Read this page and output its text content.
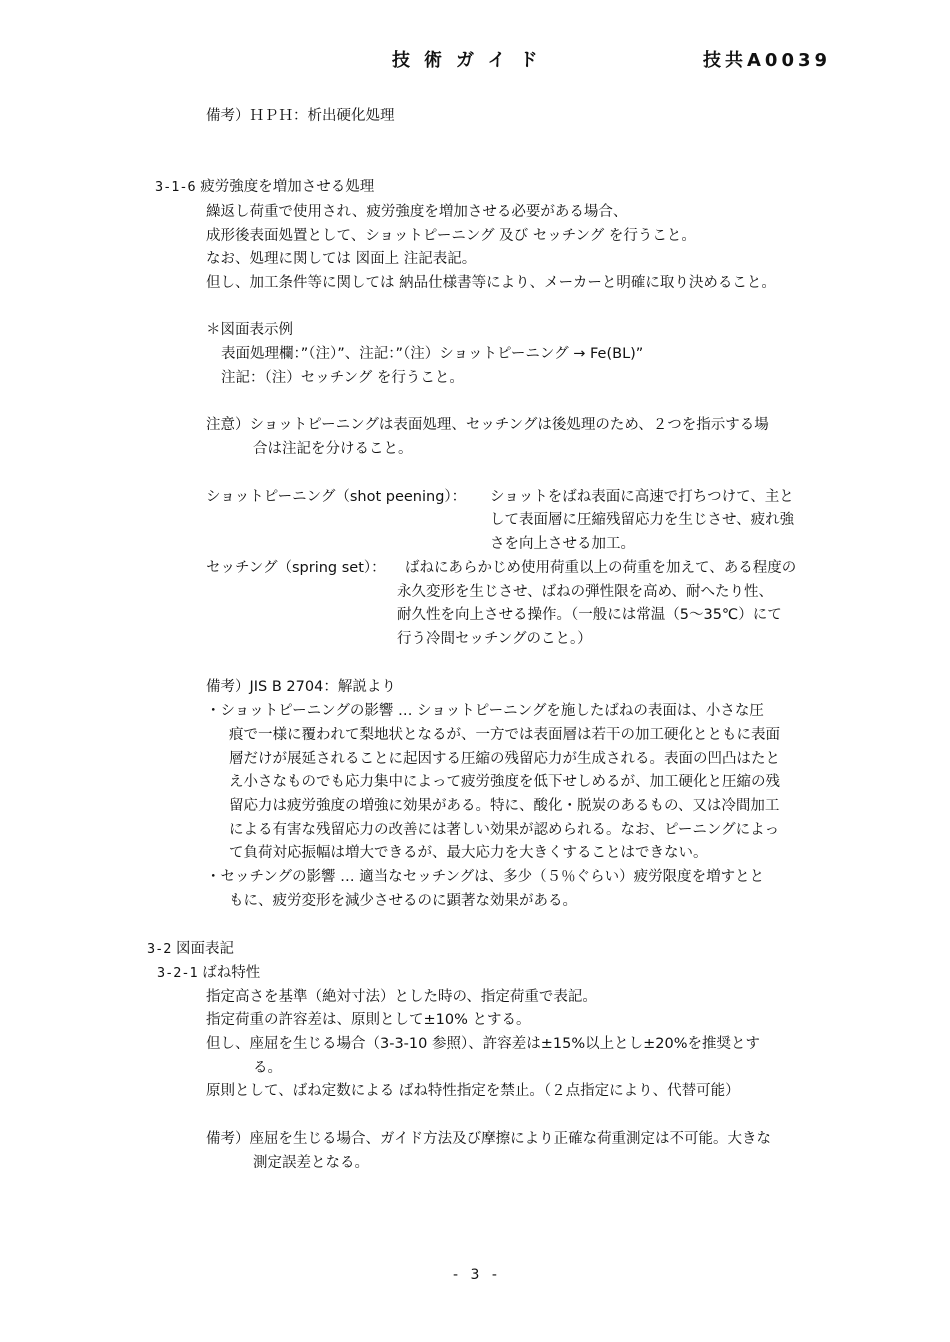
技術ガイド	技共A0039
備考）ＨＰＨ：析出硬化処理
3-1-6 疲労強度を増加させる処理
繰返し荷重で使用され、疲労強度を増加させる必要がある場合、
成形後表面処置として、ショットピーニング 及び セッチング を行うこと。
なお、処理に関しては 図面上 注記表記。
但し、加工条件等に関しては 納品仕様書等により、メーカーと明確に取り決めること。
＊図面表示例
表面処理欄：”（注）”、注記：”（注）ショットピーニング → Fe(BL)”
注記：（注）セッチング を行うこと。
注意）ショットピーニングは表面処理、セッチングは後処理のため、２つを指示する場
合は注記を分けること。
ショットピーニング（shot peening）： ショットをばね表面に高速で打ちつけて、主と
して表面層に圧縮残留応力を生じさせ、疲れ強
さを向上させる加工。
セッチング（spring set）： ばねにあらかじめ使用荷重以上の荷重を加えて、ある程度の
永久変形を生じさせ、ばねの弾性限を高め、耐へたり性、
耐久性を向上させる操作。（一般には常温（5～35℃）にて
行う冷間セッチングのこと。）
備考）JIS B 2704：解説より
・ショットピーニングの影響 … ショットピーニングを施したばねの表面は、小さな圧
痕で一様に覆われて梨地状となるが、一方では表面層は若干の加工硬化とともに表面
層だけが展延されることに起因する圧縮の残留応力が生成される。表面の凹凸はたと
え小さなものでも応力集中によって疲労強度を低下せしめるが、加工硬化と圧縮の残
留応力は疲労強度の増強に効果がある。特に、酸化・脱炭のあるもの、又は冷間加工
による有害な残留応力の改善には著しい効果が認められる。なお、ピーニングによっ
て負荷対応振幅は増大できるが、最大応力を大きくすることはできない。
・セッチングの影響 … 適当なセッチングは、多少（５％ぐらい）疲労限度を増すとと
もに、疲労変形を減少させるのに顕著な効果がある。
3-2 図面表記
3-2-1 ばね特性
指定高さを基準（絶対寸法）とした時の、指定荷重で表記。
指定荷重の許容差は、原則として±10% とする。
但し、座屈を生じる場合（3-3-10 参照）、許容差は±15%以上とし±20%を推奨とす
る。
原則として、ばね定数による ばね特性指定を禁止。（２点指定により、代替可能）
備考）座屈を生じる場合、ガイド方法及び摩擦により正確な荷重測定は不可能。大きな
測定誤差となる。
- 3 -
